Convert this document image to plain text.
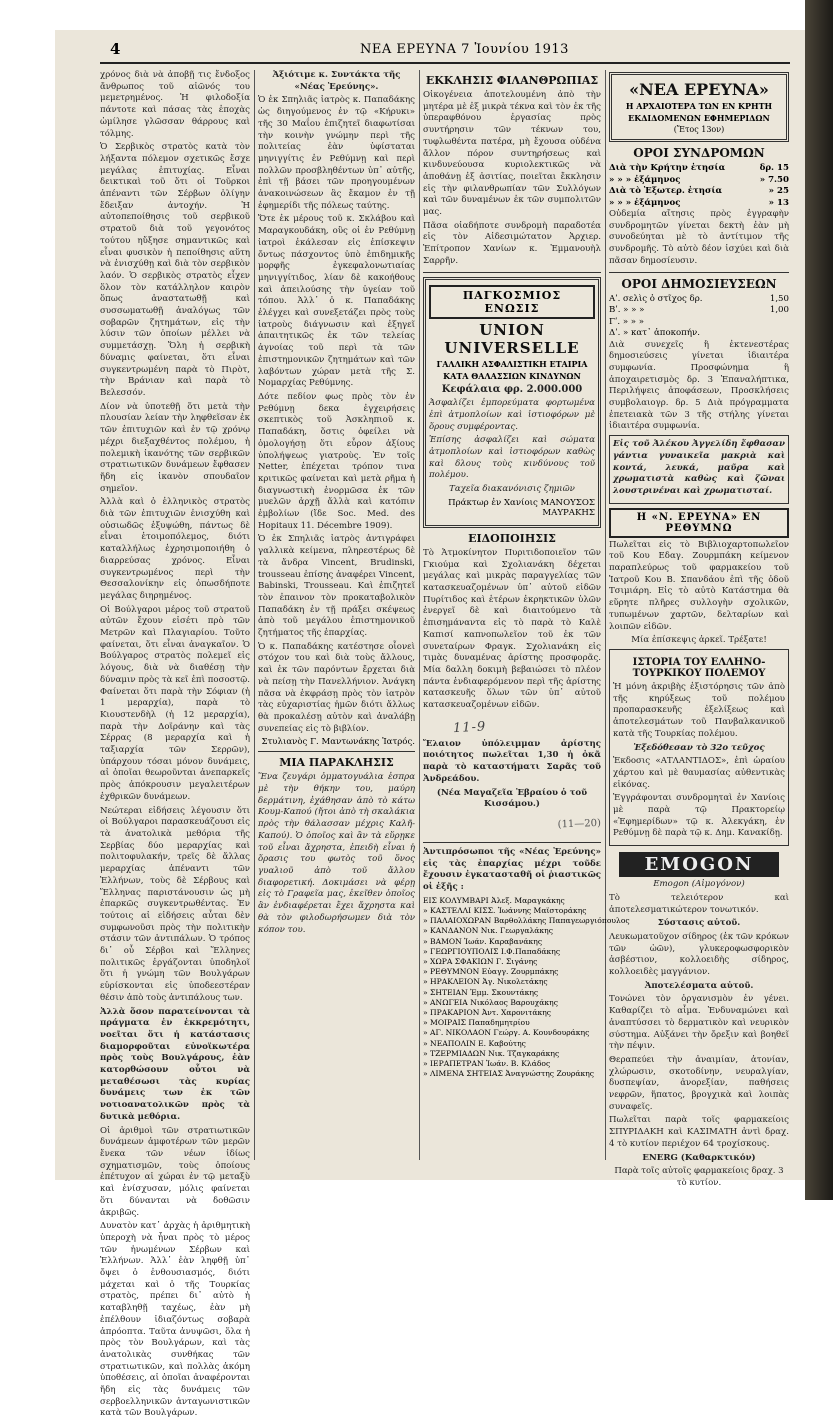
4	ΝΕΑ ΕΡΕΥΝΑ 7 Ἰουνίου 1913

χρόνος διὰ νὰ ἀποβῇ τις ἔνδοξος ἄνθρωπος τοῦ αἰῶνός του μεμετρημένος. Ἡ φιλοδοξία πάντοτε καὶ πάσας τὰς ἐποχὰς ὡμίλησε γλῶσσαν θάρρους καὶ τόλμης.

Ὁ Σερβικὸς στρατὸς κατὰ τὸν λήξαντα πόλεμον σχετικῶς ἔσχε μεγάλας ἐπιτυχίας. Εἶναι δεικτικαὶ τοῦ ὅτι οἱ Τοῦρκοι ἀπέναντι τῶν Σέρβων ὀλίγην ἔδειξαν ἀντοχήν. Ἡ αὐτοπεποίθησις τοῦ σερβικοῦ στρατοῦ διὰ τοῦ γεγονότος τούτου ηὔξησε σημαντικῶς καὶ εἶναι φυσικὸν ἡ πεποίθησις αὕτη νὰ ἐνισχύθῃ καὶ διὰ τὸν σερβικὸν λαόν. Ὁ σερβικὸς στρατὸς εἶχεν ὅλον τὸν κατάλληλον καιρὸν ὅπως ἀναστατωθῇ καὶ συσσωματωθῇ ἀναλόγως τῶν σοβαρῶν ζητημάτων, εἰς τὴν λύσιν τῶν ὁποίων μέλλει νὰ συμμετάσχῃ. Ὅλη ἡ σερβικὴ δύναμις φαίνεται, ὅτι εἶναι συγκεντρωμένη παρὰ τὸ Πιρὸτ, τὴν Βράνιαν καὶ παρὰ τὸ Βελεσσόν.

Δίον νὰ ὑποτεθῇ ὅτι μετὰ τὴν πλουσίαν λείαν τὴν ληφθεῖσαν ἐκ τῶν ἐπιτυχιῶν καὶ ἐν τῷ χρόνῳ μέχρι διεξαχθέντος πολέμου, ἡ πολεμικὴ ἱκανότης τῶν σερβικῶν στρατιωτικῶν δυνάμεων ἔφθασεν ἤδη εἰς ἱκανὸν σπουδαῖον σημεῖον.

Ἀλλὰ καὶ ὁ ἑλληνικὸς στρατὸς διὰ τῶν ἐπιτυχιῶν ἐνισχύθη καὶ οὐσιωδῶς ἐξυψώθη, πάντως δὲ εἶναι ἑτοιμοπόλεμος, διότι καταλλήλως ἐχρησιμοποιήθη ὁ διαρρεύσας χρόνος. Εἶναι συγκεντρωμένος περὶ τὴν Θεσσαλονίκην εἰς ὁπωσδήποτε μεγάλας διηρημένος.

Οἱ Βούλγαροι μέρος τοῦ στρατοῦ αὐτῶν ἔχουν εἰσέτι πρὸ τῶν Μετρῶν καὶ Πλαγιαρίου. Τοῦτο φαίνεται, ὅτι εἶναι ἀναγκαῖον. Ὁ Βούλγαρος στρατὸς πολεμεῖ εἰς λόγους, διὰ νὰ διαθέσῃ τὴν δύναμιν πρὸς τὰ κεῖ ἐπὶ ποσοστῷ. Φαίνεται ὅτι παρὰ τὴν Σόφιαν (ἡ 1 μεραρχία), παρὰ τὸ Κιουστενδὴλ (ἡ 12 μεραρχία), παρὰ τὴν Δοϊράνην καὶ τὰς Σέρρας (8 μεραρχία καὶ ἡ ταξιαρχία τῶν Σερρῶν), ὑπάρχουν τόσαι μόνον δυνάμεις, αἱ ὁποῖαι θεωροῦνται ἀνεπαρκεῖς πρὸς ἀπόκρουσιν μεγαλειτέρων ἐχθρικῶν δυνάμεων.

Νεώτεραι εἰδήσεις λέγουσιν ὅτι οἱ Βούλγαροι παρασκευάζουσι εἰς τὰ ἀνατολικὰ μεθόρια τῆς Σερβίας δύο μεραρχίας καὶ πολιτοφυλακήν, τρεῖς δὲ ἄλλας μεραρχίας ἀπέναντι τῶν Ἑλλήνων, τοὺς δὲ Σέρβους καὶ Ἕλληνας παριστάνουσιν ὡς μὴ ἐπαρκῶς συγκεντρωθέντας. Ἐν τούτοις αἱ εἰδήσεις αὗται δὲν συμφωνοῦσι πρὸς τὴν πολιτικὴν στάσιν τῶν ἀντιπάλων. Ὁ τρόπος δι᾽ οὗ Σέρβοι καὶ Ἕλληνες πολιτικῶς ἐργάζονται ὑποδηλοῖ ὅτι ἡ γνώμη τῶν Βουλγάρων εὑρίσκονται εἰς ὑποδεεστέραν θέσιν ἀπὸ τοὺς ἀντιπάλους των.

Ἀλλὰ ὅσον παρατείνονται τὰ πράγματα ἐν ἐκκρεμότητι, νοεῖται ὅτι ἡ κατάστασις διαμορφοῦται εὐνοϊκωτέρα πρὸς τοὺς Βουλγάρους, ἐὰν κατορθώσουν οὗτοι νὰ μεταθέσωσι τὰς κυρίας δυνάμεις των ἐκ τῶν νοτιοανατολικῶν πρὸς τὰ δυτικὰ μεθόρια.

Οἱ ἀριθμοὶ τῶν στρατιωτικῶν δυνάμεων ἀμφοτέρων τῶν μερῶν ἔνεκα τῶν νέων ἰδίως σχηματισμῶν, τοὺς ὁποίους ἐπέτυχον αἱ χώραι ἐν τῷ μεταξὺ καὶ ἐνίσχυσαν, μόλις φαίνεται ὅτι δύνανται νὰ δοθῶσιν ἀκριβῶς.

Δυνατὸν κατ᾽ ἀρχὰς ἡ ἀριθμητικὴ ὑπεροχὴ νὰ ἦναι πρὸς τὸ μέρος τῶν ἡνωμένων Σέρβων καὶ Ἑλλήνων. Ἀλλ᾽ ἐὰν ληφθῇ ὑπ᾽ ὄψει ὁ ἐνθουσιασμός, διότι μάχεται καὶ ὁ τῆς Τουρκίας στρατὸς, πρέπει δι᾽ αὐτὸ ἡ καταβληθῇ ταχέως, ἐὰν μὴ ἐπέλθουν ἰδιαζόντως σοβαρὰ ἀπρόοπτα. Ταῦτα ἀνυψῶσι, ὅλα ἡ πρὸς τὸν Βουλγάρων, καὶ τὰς ἀνατολικὰς συνθήκας τῶν στρατιωτικῶν, καὶ πολλὰς ἀκόμη ὑποθέσεις, αἱ ὁποῖαι ἀναφέρονται ἤδη εἰς τὰς δυνάμεις τῶν σερβοελληνικῶν ἀνταγωνιστικῶν κατὰ τῶν Βουλγάρων.

Ἀξιότιμε κ. Συντάκτα τῆς «Νέας Ἐρεύνης».

Ὁ ἐκ Σπηλιᾶς ἰατρὸς κ. Παπαδάκης ὡς διηγούμενος ἐν τῷ «Κήρυκι» τῆς 30 Μαΐου ἐπιζητεῖ διαφωτίσαι τὴν κοινὴν γνώμην περὶ τῆς πολιτείας ἐὰν ὑφίσταται μηνιγγίτις ἐν Ρεθύμνῃ καὶ περὶ πολλῶν προσβληθέντων ὑπ᾽ αὐτῆς, ἐπὶ τῇ βάσει τῶν προηγουμένων ἀνακοινώσεων ἃς ἔκαμον ἐν τῇ ἐφημερίδι τῆς πόλεως ταύτης.

Ὅτε ἐκ μέρους τοῦ κ. Σκλάβου καὶ Μαραγκουδάκη, οὓς οἱ ἐν Ρεθύμνῃ ἰατροὶ ἐκάλεσαν εἰς ἐπίσκεψιν ὄντως πάσχοντος ὑπὸ ἐπιδημικῆς μορφῆς ἐγκεφαλονωτιαίας μηνιγγίτιδος, λίαν δὲ κακοήθους καὶ ἀπειλούσης τὴν ὑγείαν τοῦ τόπου. Ἀλλ᾽ ὁ κ. Παπαδάκης ἐλέγχει καὶ συνεξετάζει πρὸς τοὺς ἰατροὺς διάγνωσιν καὶ ἐξηγεῖ ἀπαιτητικῶς ἐκ τῶν τελείας ἀγνοίας τοῦ περὶ τὰ τῶν ἐπιστημονικῶν ζητημάτων καὶ τῶν λαβόντων χώραν μετὰ τῆς Σ. Νομαρχίας Ρεθύμνης.

Δότε πεδίον φως πρὸς τὸν ἐν Ρεθύμνῃ δεκα ἐγχειρήσεις σκεπτικὸς τοῦ Ἀσκληπιοῦ κ. Παπαδάκη, ὅστις ὀφείλει νὰ ὁμολογήσῃ ὅτι εὗρον ἀξίους ὑπολήψεως γιατροὺς. Ἐν τοῖς Netter, ἐπέχεται τρόπον τινα κριτικῶς φαίνεται καὶ μετὰ ρῆμα ἡ διαγνωστικὴ ἐνορμῶσα ἐκ τῶν μυελῶν ἀρχῇ ἄλλὰ καὶ κατόπιν ἐμβολίων (ἴδε Soc. Med. des Hopitaux 11. Décembre 1909).

Ὁ ἐκ Σπηλιᾶς ἰατρὸς ἀντιγράφει γαλλικὰ κείμενα, πληρεστέρως δὲ τὰ ἄνδρα Vincent, Brudinski, trousseau ἐπίσης ἀναφέρει Vincent, Babinski, Trousseau. Καὶ ἐπιζητεῖ τὸν ἐπαινον τὸν προκαταβολικὸν Παπαδάκη ἐν τῇ πράξει σκέψεως ἀπὸ τοῦ μεγάλου ἐπιστημονικοῦ ζητήματος τῆς ἐπαρχίας.

Ὁ κ. Παπαδάκης κατέστησε οἷονεὶ στόχον του καὶ διὰ τοὺς ἄλλους, καὶ ἐκ τῶν παρόντων ἔρχεται διὰ νὰ πείσῃ τὴν Πανελλήνιον. Ἀνάγκη πᾶσα νὰ ἐκφράσῃ πρὸς τὸν ἰατρὸν τὰς εὐχαριστίας ἡμῶν διότι ἄλλως θὰ προκαλέσῃ αὐτὸν καὶ ἀναλάβῃ συνεπείας εἰς τὸ βιβλίον.

Στυλιανὸς Γ. Μαντωνάκης Ἰατρός.

ΜΙΑ ΠΑΡΑΚΛΗΣΙΣ

Ἕνα ζευγάρι ὀμματογυάλια ἐσπρα μὲ τὴν θήκην του, μαύρη δερμάτινη, ἐχάθησαν ἀπὸ τὸ κάτω Κουμ-Καπού (ἤτοι ἀπὸ τὴ σκαλάκια πρὸς τὴν θάλασσαν μέχρις Καλῆ-Καπού). Ὁ ὁποῖος καὶ ἂν τὰ εὕρῃκε τοῦ εἶναι ἄχρηστα, ἐπειδὴ εἶναι ἡ ὅρασις του φωτὸς τοῦ ὅνος γυαλιοῦ ἀπὸ τοῦ ἄλλου διαφορετική. Δοκιμάσει νὰ φέρῃ εἰς τὸ Γραφεῖα μας, ἐκεῖθεν ὁποῖος ἂν ἐνδιαφέρεται ἔχει ἄχρηστα καὶ θὰ τὸν φιλοδωρήσωμεν διὰ τὸν κόπον του.

ΕΚΚΛΗΣΙΣ ΦΙΛΑΝΘΡΩΠΙΑΣ

Οἰκογένεια ἀποτελουμένη ἀπὸ τὴν μητέρα μὲ ἐξ μικρὰ τέκνα καὶ τὸν ἐκ τῆς ὑπεραφθόνου ἐργασίας πρὸς συντήρησιν τῶν τέκνων του, τυφλωθέντα πατέρα, μὴ ἔχουσα οὐδένα ἄλλον πόρον συντηρήσεως καὶ κινδυνεύουσα κυριολεκτικῶς νὰ ἀποθάνῃ ἐξ ἀσιτίας, ποιεῖται ἔκκλησιν εἰς τὴν φιλανθρωπίαν τῶν Συλλόγων καὶ τῶν δυναμένων ἐκ τῶν συμπολιτῶν μας.

Πᾶσα οἱαδήποτε συνδρομὴ παραδοτέα εἰς τὸν Αἰδεσιμώτατον Ἀρχιερ. Ἐπίτροπον Χανίων κ. Ἐμμανουὴλ Σαρρῆν.

ΠΑΓΚΟΣΜΙΟΣ ΕΝΩΣΙΣ
UNION UNIVERSELLE
ΓΑΛΛΙΚΗ ΑΣΦΑΛΙΣΤΙΚΗ ΕΤΑΙΡΙΑ
ΚΑΤΑ ΘΑΛΑΣΣΙΩΝ ΚΙΝΔΥΝΩΝ
Κεφάλαια φρ. 2.000.000

Ἀσφαλίζει ἐμπορεύματα φορτωμένα ἐπὶ ἀτμοπλοίων καὶ ἱστιοφόρων μὲ ὅρους συμφέροντας.

Ἐπίσης ἀσφαλίζει καὶ σώματα ἀτμοπλοίων καὶ ἱστιοφόρων καθὼς καὶ δλους τοὺς κινδύνους τοῦ πολέμου.

Ταχεῖα διακανόνισις ζημιῶν

Πράκτωρ ἐν Χανίοις ΜΑΝΟΥΣΟΣ ΜΑΥΡΑΚΗΣ

ΕΙΔΟΠΟΙΗΣΙΣ

Τὸ Ἀτμοκίνητον Πυριτιδοποιεῖον τῶν Γκιούμα καὶ Σχολιανάκη δέχεται μεγάλας καὶ μικρὰς παραγγελίας τῶν κατασκευαζομένων ὑπ᾽ αὐτοῦ εἰδῶν Πυρίτιδος καὶ ἑτέρων ἐκρηκτικῶν ὑλῶν ἐνεργεῖ δὲ καὶ διαιτούμενο τὰ ἐπισημάναντα εἰς τὸ παρὰ τὸ Καλὲ Καπισί καπνοπωλεῖον τοῦ ἐκ τῶν συνεταίρων Φραγκ. Σχολιανάκη εἰς τιμὰς δυναμένας ἀρίστης προσφορᾶς. Μία δαλλη δοκιμὴ βεβαιώσει τὸ πλέον πάντα ἐνδιαφερόμενον περὶ τῆς ἀρίστης κατασκευῆς ὅλων τῶν ὑπ᾽ αὐτοῦ κατασκευαζομένων εἰδῶν.

11-9

Ἔλαιον ὑπόλειμμαν ἀρίστης ποιότητος πωλεῖται 1,30 ἡ ὀκᾶ παρὰ τὸ καταστήματι Σαρᾶς τοῦ Ἀνδρεάδου.

(Νέα Μαγαζεῖα Ἐβραίου ὁ τοῦ Κισσάμου.)

(11—20)

Ἀντιπρόσωποι τῆς «Νέας Ἐρεύνης» εἰς τὰς ἐπαρχίας μέχρι τοῦδε ἔχουσιν ἐγκατασταθῆ οἱ ῥιαστικῶς οἱ ἑξῆς :

ΕΙΣ ΚΟΛΥΜΒΑΡΙ Ἀλεξ. Μαραγκάκης
» ΚΑΣΤΕΛΛΙ ΚΙΣΣ. Ἰωάννης Μαϊστοράκης
» ΠΑΛΑΙΟΧΩΡΑΝ Βαρθολλάκης Παπαγεωργιόπουλος
» ΚΑΝΔΑΝΟΝ Νικ. Γεωργαλάκης
» ΒΑΜΟΝ Ἰωάν. Καραβανάκης
» ΓΕΩΡΓΙΟΥΠΟΛΙΣ Ι.Φ.Παπαδάκης
» ΧΩΡΑ ΣΦΑΚΙΩΝ Γ. Σιγάνης
» ΡΕΘΥΜΝΟΝ Εὐαγγ. Ζουρμπάκης
» ΗΡΑΚΛΕΙΟΝ Ἀγ. Νικολετάκης
» ΣΗΤΕΙΑΝ Ἐμμ. Σκουντάκης
» ΑΝΩΓΕΙΑ Νικόλαος Βαρουχάκης
» ΠΡΑΚΑΡΙΟΝ Ἀντ. Χαρονιτάκης
» ΜΟΙΡΑΙΣ Παπαδημητρίου
» ΑΓ. ΝΙΚΟΛΑΟΝ Γεώργ. Α. Κουνδουράκης
» ΝΕΑΠΟΛΙΝ Ε. Καβούτης
» ΤΖΕΡΜΙΑΔΩΝ Νικ. Τζαγκαράκης
» ΙΕΡΑΠΕΤΡΑΝ Ἰωάν. Β. Κλάδος
» ΛΙΜΕΝΑ ΣΗΤΕΙΑΣ Ἀναγνώστης Ζουράκης
«ΝΕΑ ΕΡΕΥΝΑ»
Η ΑΡΧΑΙΟΤΕΡΑ ΤΩΝ ΕΝ ΚΡΗΤΗ
ΕΚΔΙΔΟΜΕΝΩΝ ΕΦΗΜΕΡΙΔΩΝ
(Ἔτος 13ον)

ΟΡΟΙ ΣΥΝΔΡΟΜΩΝ

Διὰ τὴν Κρήτην ἐτησία	δρ. 15
» » » ἑξάμηνος	» 7.50
Διὰ τὸ Ἐξωτερ. ἐτησία	» 25
» » » ἑξάμηνος	» 13

Οὐδεμία αἴτησις πρὸς ἐγγραφὴν συνδρομητῶν γίνεται δεκτὴ ἐὰν μὴ συνοδεύηται μὲ τὸ ἀντίτιμον τῆς συνδρομῆς. Τὸ αὐτὸ δέον ἰσχύει καὶ διὰ πᾶσαν δημοσίευσιν.

ΟΡΟΙ ΔΗΜΟΣΙΕΥΣΕΩΝ

Αʹ. σελὶς ὁ στῖχος δρ.	1,50
Βʹ. » » »	1,00
Γʹ. » » »
Δʹ. » κατ᾽ ἀποκοπήν.

Διὰ συνεχεῖς ἢ ἐκτενεστέρας δημοσιεύσεις γίνεται ἰδιαιτέρα συμφωνία. Προσφώνημα ἢ ἀποχαιρετισμὸς δρ. 3 Ἐπαναλήπτικα, Περιλήψεις ἀποφάσεων, Προσκλήσεις συμβολαιογρ. δρ. 5 Διὰ πρόγραμματα ἐπετειακὰ τῶν 3 τῆς στήλης γίνεται ἰδιαιτέρα συμφωνία.

Εἰς τοῦ Ἀλέκου Ἀγγελίδη ἔφθασαν γάντια γυναικεῖα μακριὰ καὶ κοντά, λευκά, μαῦρα καὶ χρωματιστὰ καθὼς καὶ ζῶναι λουστρινέναι καὶ χρωματισταί.

Η «Ν. ΕΡΕΥΝΑ» ΕΝ ΡΕΘΥΜΝΩ

Πωλεῖται εἰς τὸ Βιβλιοχαρτοπωλεῖον τοῦ Κου Εδαγ. Ζουρμπάκη κείμενον παραπλεύρως τοῦ φαρμακείου τοῦ Ἰατροῦ Κου Β. Σπανδάου ἐπὶ τῆς ὁδοῦ Τσιμιάρη. Εἰς τὸ αὐτὸ Κατάστημα θὰ εὕρητε πλῆρες συλλογὴν σχολικῶν, τυπωμένων χαρτῶν, δελταρίων καὶ λοιπῶν εἰδῶν.

Μία ἐπίσκεψις ἀρκεῖ. Τρέξατε!

ΙΣΤΟΡΙΑ ΤΟΥ ΕΛΛΗΝΟ-ΤΟΥΡΚΙΚΟΥ ΠΟΛΕΜΟΥ

Ἡ μόνη ἀκριβὴς ἐξιστόρησις τῶν ἀπὸ τῆς κηρύξεως τοῦ πολέμου προπαρασκευῆς ἐξελίξεως καὶ ἀποτελεσμάτων τοῦ Πανβαλκανικοῦ κατὰ τῆς Τουρκίας πολέμου.

Ἐξεδόθεσαν τὸ 32ο τεῦχος

Ἐκδοσις «ΑΤΛΑΝΤΙΔΟΣ», ἐπὶ ὡραίου χάρτου καὶ μὲ θαυμασίας αὐθεντικὰς εἰκόνας.

Ἐγγράφονται συνδρομηταὶ ἐν Χανίοις μὲ παρὰ τῷ Πρακτορείῳ «Ἐφημερίδων» τῷ κ. Ἀλεκγάκη, ἐν Ρεθύμνῃ δὲ παρὰ τῷ κ. Δημ. Κανακίδῃ.

EMOGON

Emogon (Αἱμογόνον)

Τὸ τελειότερον καὶ ἀποτελεσματικώτερον τονωτικόν.

Σύστασις αὐτοῦ.

Λευκωματοῦχον σίδηρος (ἐκ τῶν κρόκων τῶν ὠῶν), γλυκεροφωσφορικὸν ἀσβέστιον, κολλοειδὴς σίδηρος, κολλοειδὲς μαγγάνιον.

Ἀποτελέσματα αὐτοῦ.

Τονώνει τὸν ὀργανισμὸν ἐν γένει. Καθαρίζει τὸ αἷμα. Ἐνδυναμώνει καὶ ἀναπτύσσει τὸ δερματικὸν καὶ νευρικὸν σύστημα. Αὐξάνει τὴν ὄρεξιν καὶ βοηθεῖ τὴν πέψιν.

Θεραπεύει τὴν ἀναιμίαν, ἀτονίαν, χλώρωσιν, σκοτοδίνην, νευραλγίαν, δυσπεψίαν, ἀνορεξίαν, παθήσεις νεφρῶν, ἥπατος, βρογχικὰ καὶ λοιπὰς συναφεῖς.

Πωλεῖται παρὰ τοῖς φαρμακείοις ΣΠΥΡΙΔΑΚΗ καὶ ΚΑΣΙΜΑΤΗ ἀντὶ δραχ. 4 τὸ κυτίον περιέχον 64 τροχίσκους.

ENERG (Καθαρκτικόν)

Παρὰ τοῖς αὐτοῖς φαρμακείοις δραχ. 3 τὸ κυτίον.
